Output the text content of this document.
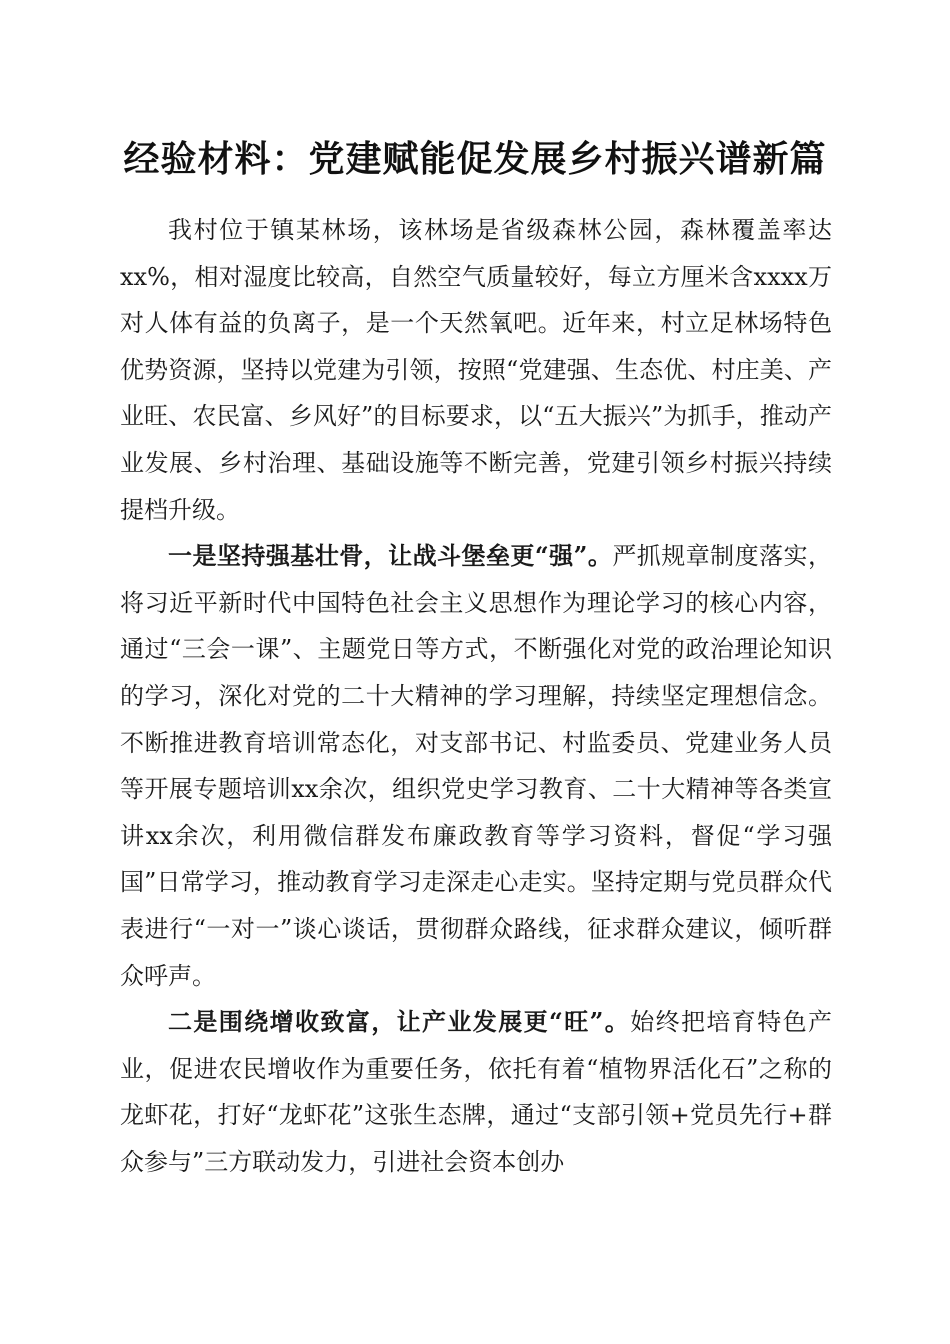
经验材料：党建赋能促发展乡村振兴谱新篇

我村位于镇某林场，该林场是省级森林公园，森林覆盖率达xx%，相对湿度比较高，自然空气质量较好，每立方厘米含xxxx万对人体有益的负离子，是一个天然氧吧。近年来，村立足林场特色优势资源，坚持以党建为引领，按照“党建强、生态优、村庄美、产业旺、农民富、乡风好”的目标要求，以“五大振兴”为抓手，推动产业发展、乡村治理、基础设施等不断完善，党建引领乡村振兴持续提档升级。

一是坚持强基壮骨，让战斗堡垒更“强”。严抓规章制度落实，将习近平新时代中国特色社会主义思想作为理论学习的核心内容，通过“三会一课”、主题党日等方式，不断强化对党的政治理论知识的学习，深化对党的二十大精神的学习理解，持续坚定理想信念。不断推进教育培训常态化，对支部书记、村监委员、党建业务人员等开展专题培训xx余次，组织党史学习教育、二十大精神等各类宣讲xx余次，利用微信群发布廉政教育等学习资料，督促“学习强国”日常学习，推动教育学习走深走心走实。坚持定期与党员群众代表进行“一对一”谈心谈话，贯彻群众路线，征求群众建议，倾听群众呼声。

二是围绕增收致富，让产业发展更“旺”。始终把培育特色产业，促进农民增收作为重要任务，依托有着“植物界活化石”之称的龙虾花，打好“龙虾花”这张生态牌，通过“支部引领+党员先行+群众参与”三方联动发力，引进社会资本创办
